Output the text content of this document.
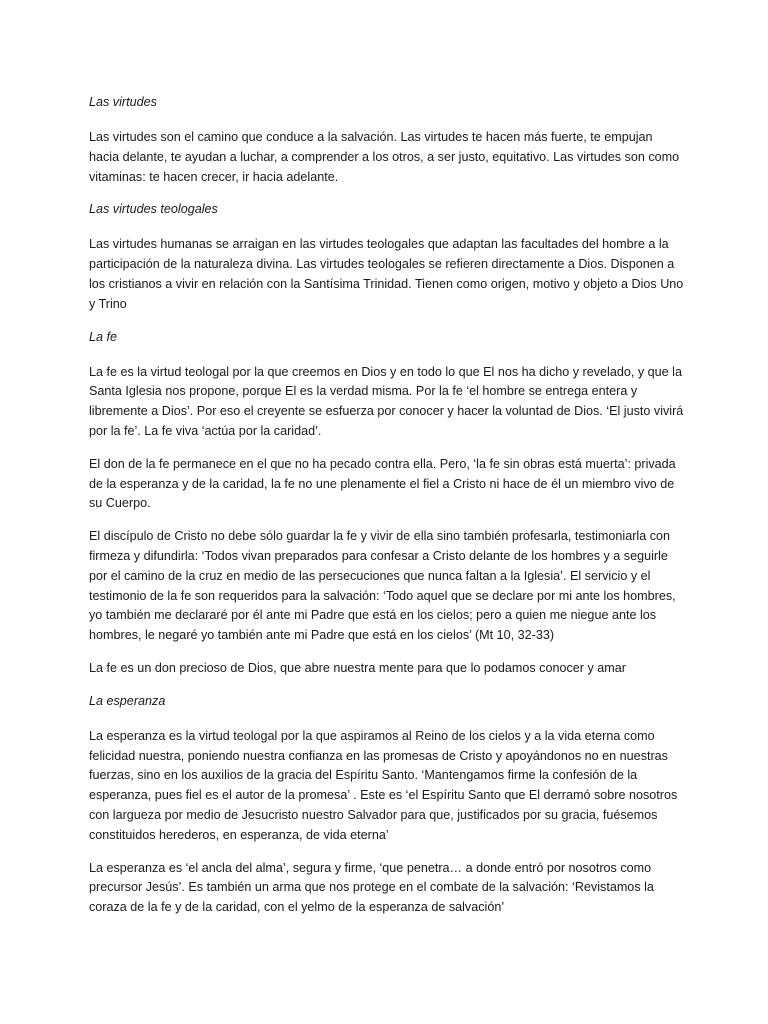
Las virtudes

Las virtudes son el camino que conduce a la salvación. Las virtudes te hacen más fuerte, te empujan hacia delante, te ayudan a luchar, a comprender a los otros, a ser justo, equitativo. Las virtudes son como vitaminas: te hacen crecer, ir hacia adelante.

Las virtudes teologales

Las virtudes humanas se arraigan en las virtudes teologales que adaptan las facultades del hombre a la participación de la naturaleza divina. Las virtudes teologales se refieren directamente a Dios. Disponen a los cristianos a vivir en relación con la Santísima Trinidad. Tienen como origen, motivo y objeto a Dios Uno y Trino

La fe

La fe es la virtud teologal por la que creemos en Dios y en todo lo que El nos ha dicho y revelado, y que la Santa Iglesia nos propone, porque El es la verdad misma. Por la fe ‘el hombre se entrega entera y libremente a Dios’. Por eso el creyente se esfuerza por conocer y hacer la voluntad de Dios. ‘El justo vivirá por la fe’. La fe viva ‘actúa por la caridad’.

El don de la fe permanece en el que no ha pecado contra ella. Pero, ‘la fe sin obras está muerta’: privada de la esperanza y de la caridad, la fe no une plenamente el fiel a Cristo ni hace de él un miembro vivo de su Cuerpo.

El discípulo de Cristo no debe sólo guardar la fe y vivir de ella sino también profesarla, testimoniarla con firmeza y difundirla: ‘Todos vivan preparados para confesar a Cristo delante de los hombres y a seguirle por el camino de la cruz en medio de las persecuciones que nunca faltan a la Iglesia’. El servicio y el testimonio de la fe son requeridos para la salvación: ‘Todo aquel que se declare por mi ante los hombres, yo también me declararé por él ante mi Padre que está en los cielos; pero a quien me niegue ante los hombres, le negaré yo también ante mi Padre que está en los cielos’ (Mt 10, 32-33)

La fe es un don precioso de Dios, que abre nuestra mente para que lo podamos conocer y amar

La esperanza

La esperanza es la virtud teologal por la que aspiramos al Reino de los cielos y a la vida eterna como felicidad nuestra, poniendo nuestra confianza en las promesas de Cristo y apoyándonos no en nuestras fuerzas, sino en los auxilios de la gracia del Espíritu Santo. ‘Mantengamos firme la confesión de la esperanza, pues fiel es el autor de la promesa’ . Este es ‘el Espíritu Santo que El derramó sobre nosotros con largueza por medio de Jesucristo nuestro Salvador para que, justificados por su gracia, fuésemos constituidos herederos, en esperanza, de vida eterna’

La esperanza es ‘el ancla del alma’, segura y firme, ‘que penetra… a donde entró por nosotros como precursor Jesús’. Es también un arma que nos protege en el combate de la salvación: ‘Revistamos la coraza de la fe y de la caridad, con el yelmo de la esperanza de salvación’
